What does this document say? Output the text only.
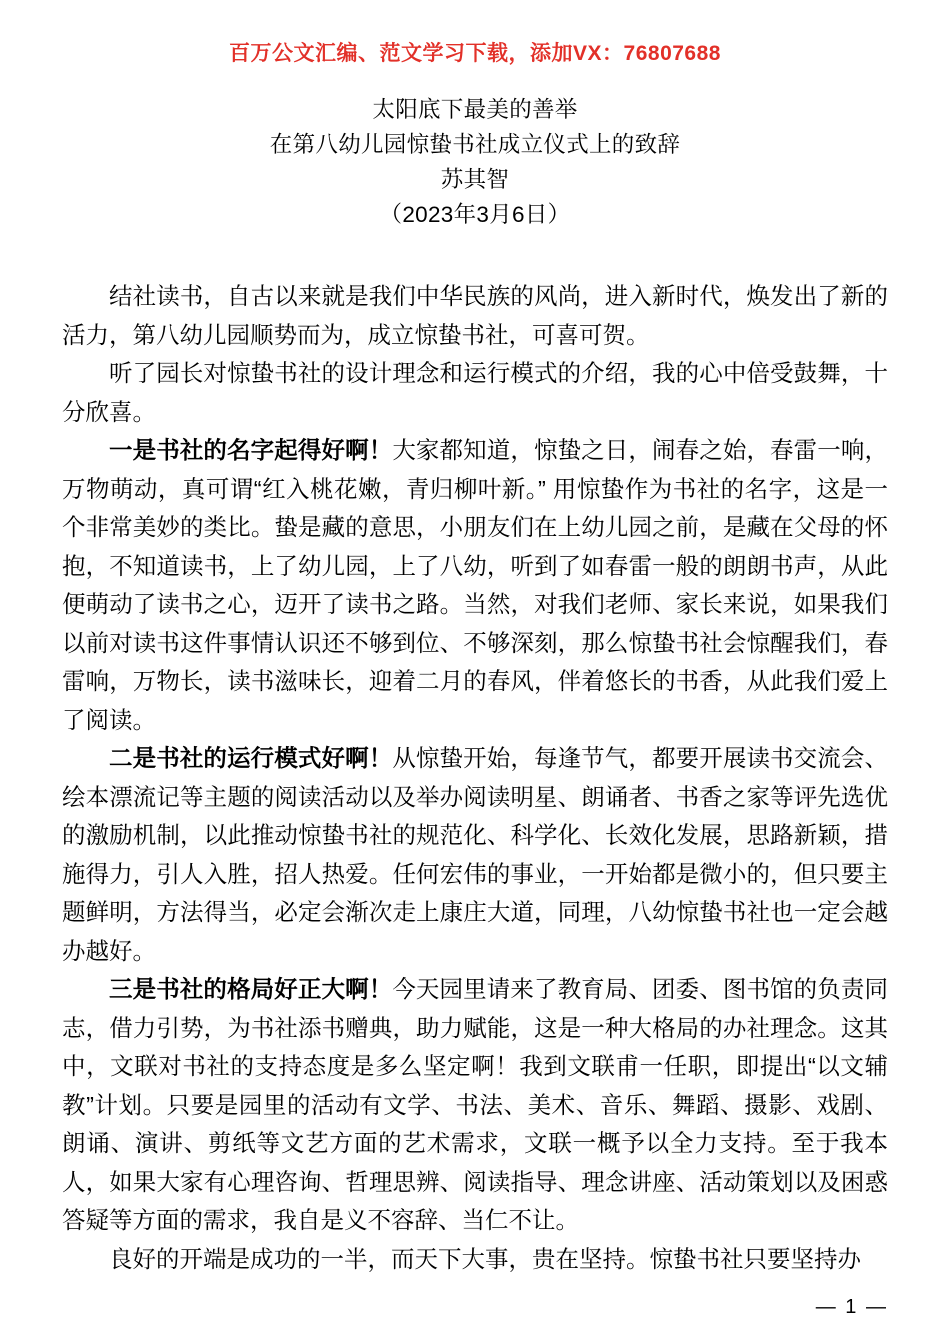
百万公文汇编、范文学习下载，添加VX：76807688
太阳底下最美的善举
在第八幼儿园惊蛰书社成立仪式上的致辞
苏其智
（2023年3月6日）

结社读书，自古以来就是我们中华民族的风尚，进入新时代，焕发出了新的活力，第八幼儿园顺势而为，成立惊蛰书社，可喜可贺。

听了园长对惊蛰书社的设计理念和运行模式的介绍，我的心中倍受鼓舞，十分欣喜。

一是书社的名字起得好啊！大家都知道，惊蛰之日，闹春之始，春雷一响，万物萌动，真可谓“红入桃花嫩，青归柳叶新。” 用惊蛰作为书社的名字，这是一个非常美妙的类比。蛰是藏的意思，小朋友们在上幼儿园之前，是藏在父母的怀抱，不知道读书，上了幼儿园，上了八幼，听到了如春雷一般的朗朗书声，从此便萌动了读书之心，迈开了读书之路。当然，对我们老师、家长来说，如果我们以前对读书这件事情认识还不够到位、不够深刻，那么惊蛰书社会惊醒我们，春雷响，万物长，读书滋味长，迎着二月的春风，伴着悠长的书香，从此我们爱上了阅读。

二是书社的运行模式好啊！从惊蛰开始，每逢节气，都要开展读书交流会、绘本漂流记等主题的阅读活动以及举办阅读明星、朗诵者、书香之家等评先选优的激励机制，以此推动惊蛰书社的规范化、科学化、长效化发展，思路新颖，措施得力，引人入胜，招人热爱。任何宏伟的事业，一开始都是微小的，但只要主题鲜明，方法得当，必定会渐次走上康庄大道，同理，八幼惊蛰书社也一定会越办越好。

三是书社的格局好正大啊！今天园里请来了教育局、团委、图书馆的负责同志，借力引势，为书社添书赠典，助力赋能，这是一种大格局的办社理念。这其中，文联对书社的支持态度是多么坚定啊！我到文联甫一任职，即提出“以文辅教”计划。只要是园里的活动有文学、书法、美术、音乐、舞蹈、摄影、戏剧、朗诵、演讲、剪纸等文艺方面的艺术需求，文联一概予以全力支持。至于我本人，如果大家有心理咨询、哲理思辨、阅读指导、理念讲座、活动策划以及困惑答疑等方面的需求，我自是义不容辞、当仁不让。

良好的开端是成功的一半，而天下大事，贵在坚持。惊蛰书社只要坚持办

— 1 —
